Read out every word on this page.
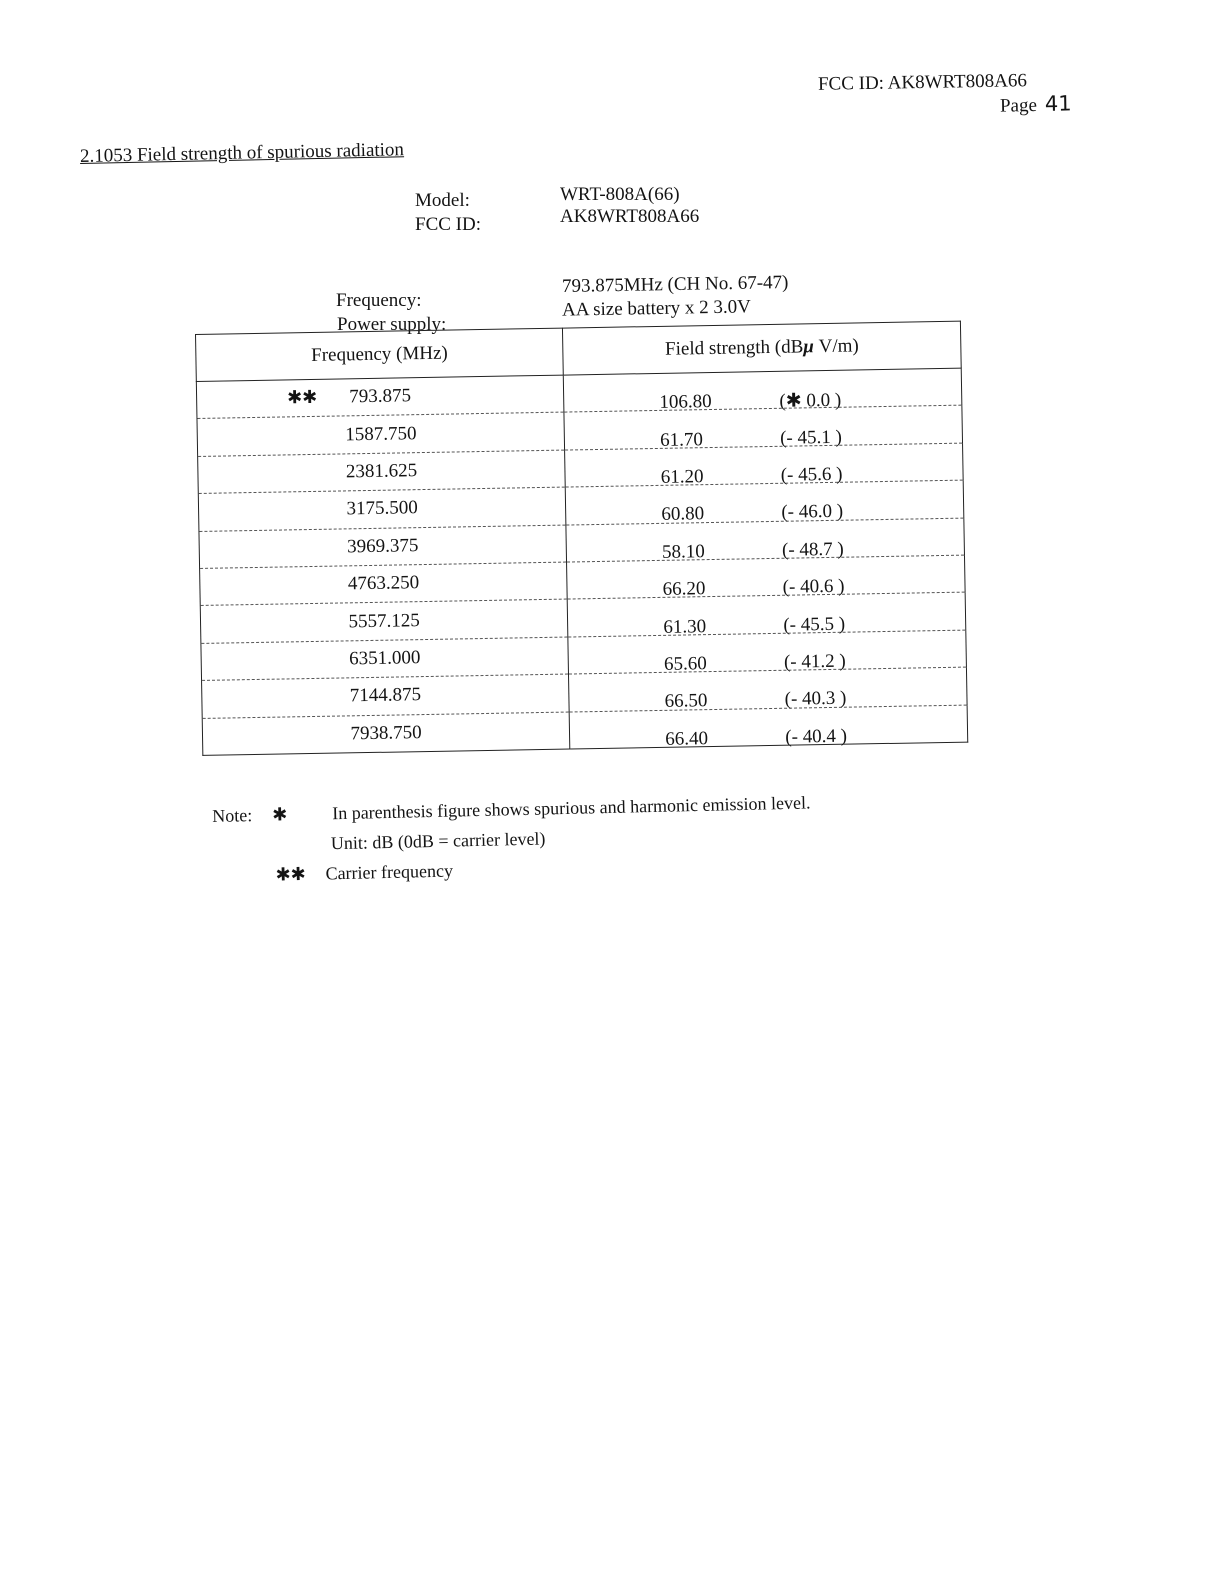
FCC ID: AK8WRT808A66
Page 41
2.1053 Field strength of spurious radiation
Model:	WRT-808A(66)
FCC ID:	AK8WRT808A66
Frequency:
793.875MHz (CH No. 67-47)
Power supply:
AA size battery x 2 3.0V
Frequency (MHz)	Field strength (dBμ V/m)

✱✱ 793.875	106.80 (✱ 0.0 )

1587.750	61.70 (- 45.1 )

2381.625	61.20 (- 45.6 )

3175.500	60.80 (- 46.0 )

3969.375	58.10 (- 48.7 )

4763.250	66.20 (- 40.6 )

5557.125	61.30 (- 45.5 )

6351.000	65.60 (- 41.2 )

7144.875	66.50 (- 40.3 )

7938.750	66.40 (- 40.4 )
Note: ✱ In parenthesis figure shows spurious and harmonic emission level.
Unit: dB (0dB = carrier level)
✱✱ Carrier frequency
